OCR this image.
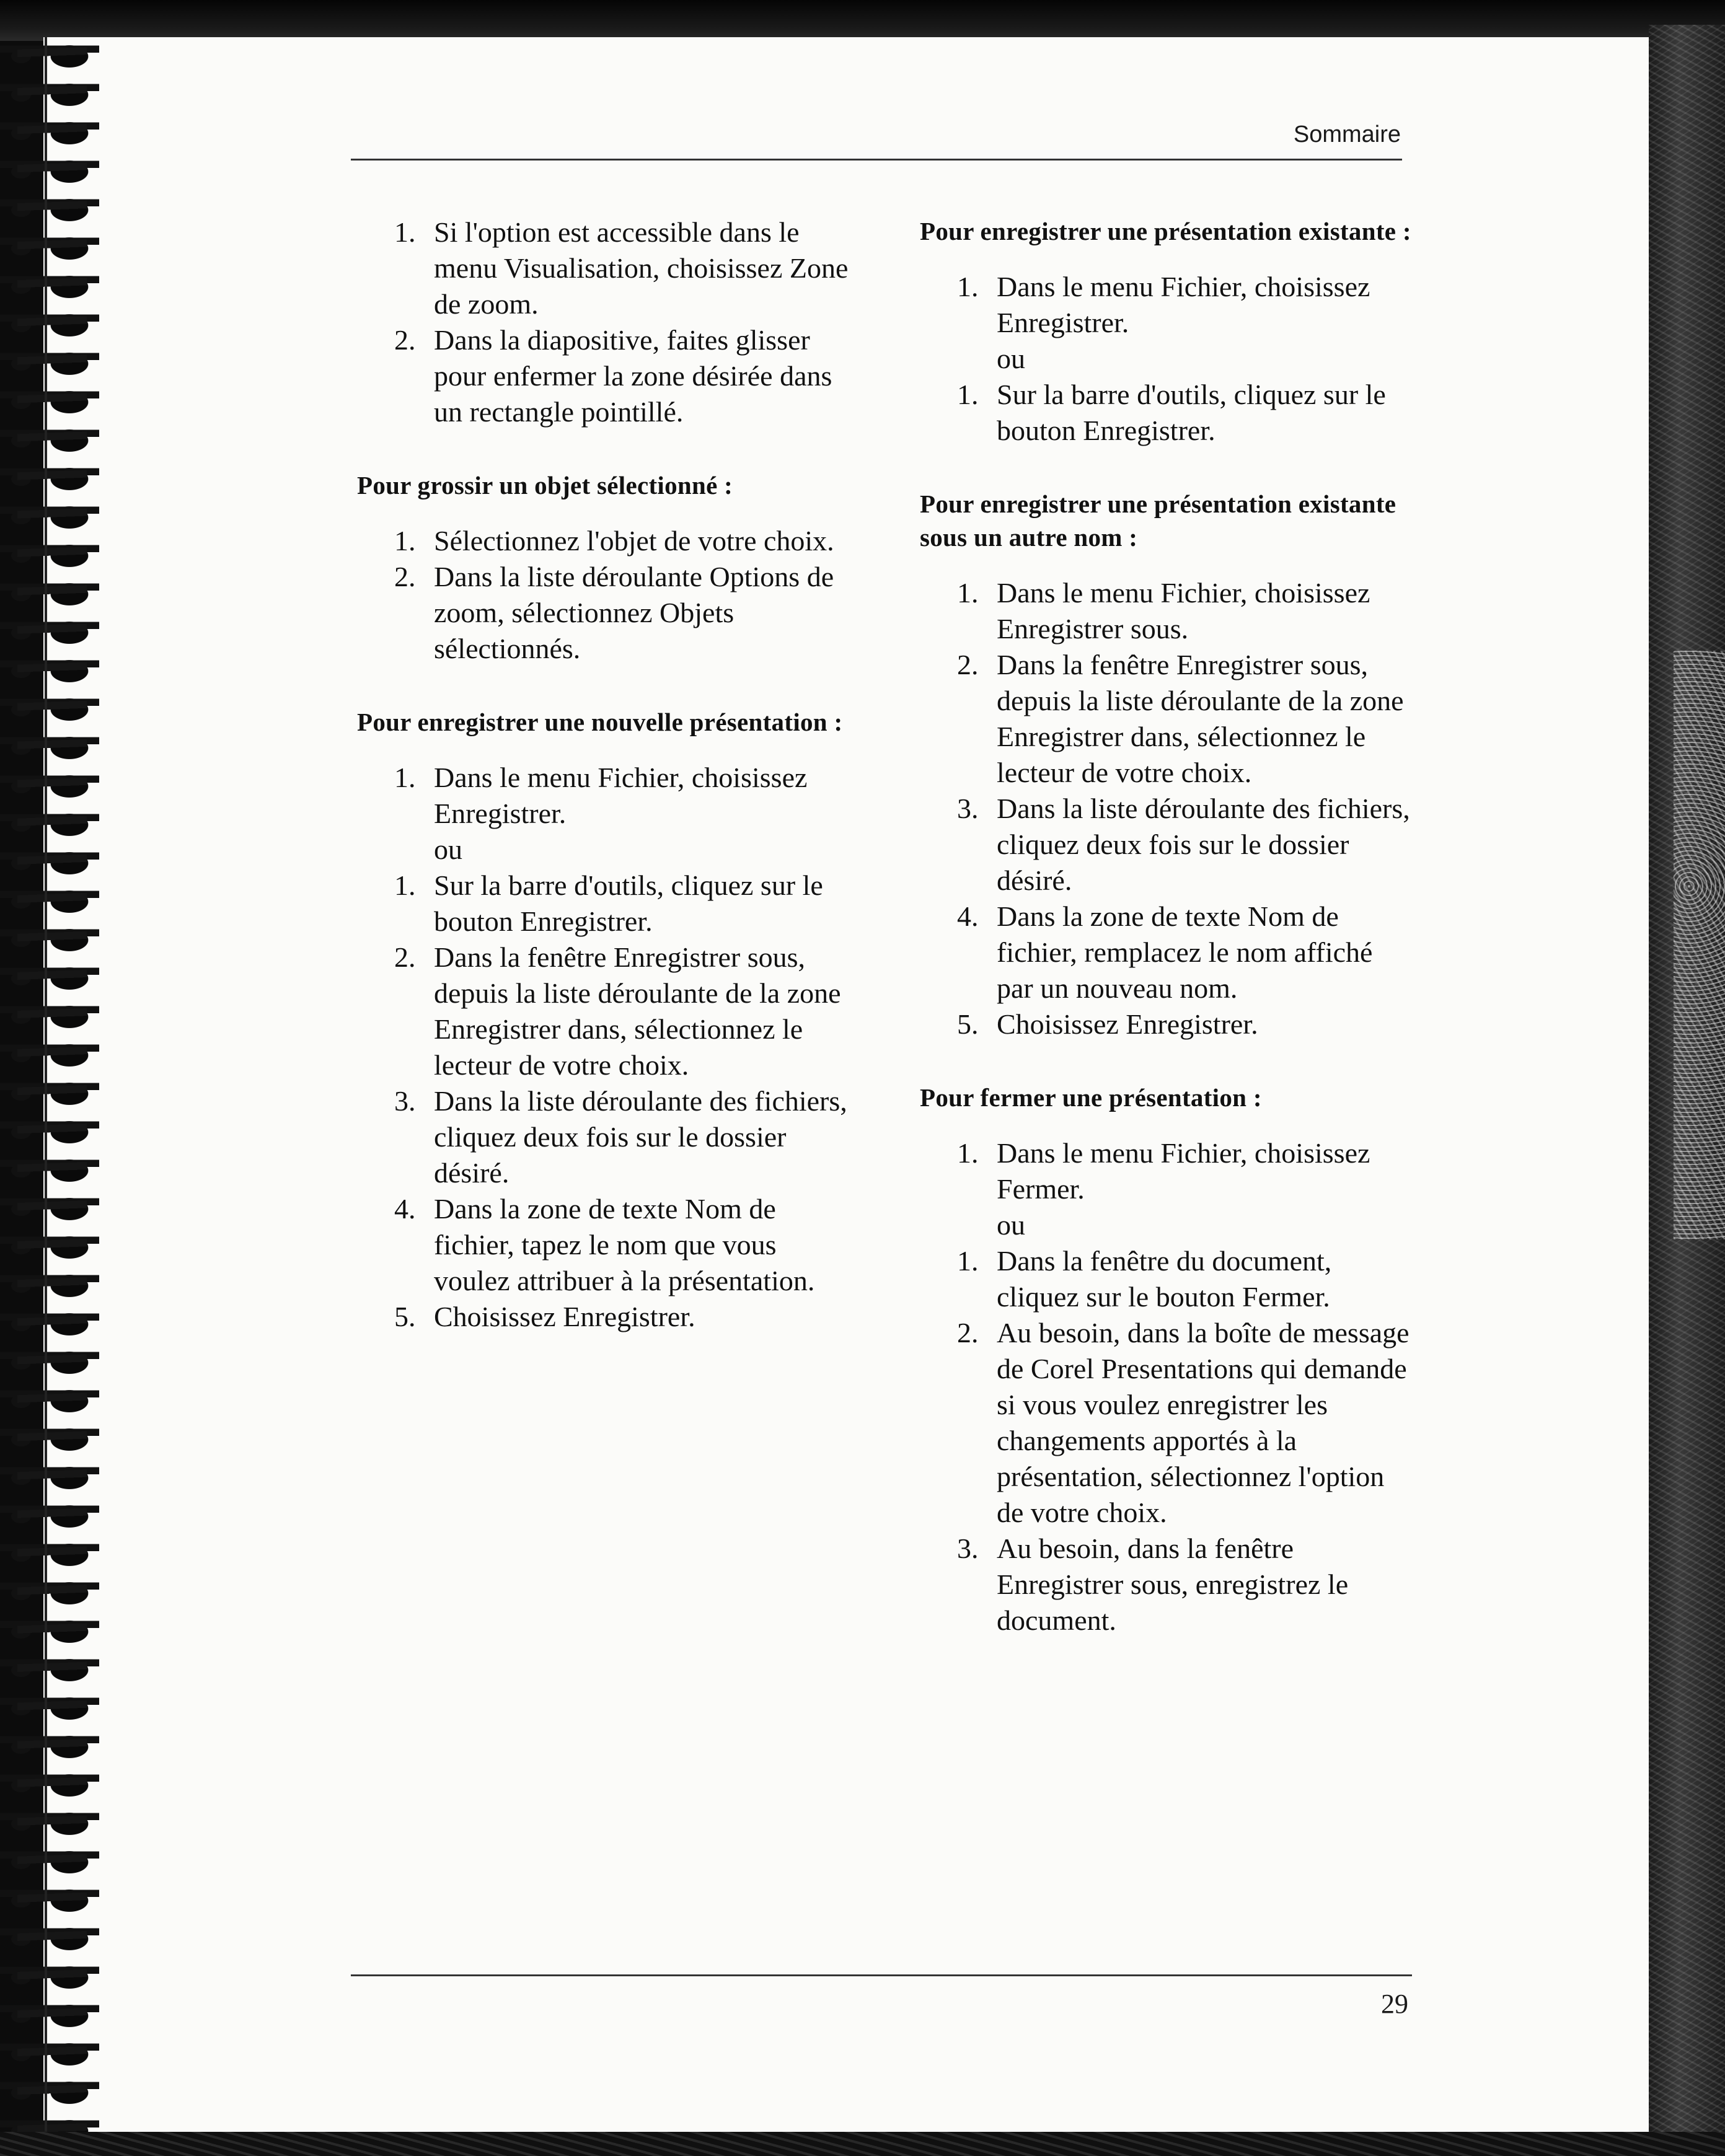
Sommaire
1. Si l'option est accessible dans le menu Visualisation, choisissez Zone de zoom.
2. Dans la diapositive, faites glisser pour enfermer la zone désirée dans un rectangle pointillé.
Pour grossir un objet sélectionné :
1. Sélectionnez l'objet de votre choix.
2. Dans la liste déroulante Options de zoom, sélectionnez Objets sélectionnés.
Pour enregistrer une nouvelle présentation :
1. Dans le menu Fichier, choisissez Enregistrer.
ou
1. Sur la barre d'outils, cliquez sur le bouton Enregistrer.
2. Dans la fenêtre Enregistrer sous, depuis la liste déroulante de la zone Enregistrer dans, sélectionnez le lecteur de votre choix.
3. Dans la liste déroulante des fichiers, cliquez deux fois sur le dossier désiré.
4. Dans la zone de texte Nom de fichier, tapez le nom que vous voulez attribuer à la présentation.
5. Choisissez Enregistrer.
Pour enregistrer une présentation existante :
1. Dans le menu Fichier, choisissez Enregistrer.
ou
1. Sur la barre d'outils, cliquez sur le bouton Enregistrer.
Pour enregistrer une présentation existante sous un autre nom :
1. Dans le menu Fichier, choisissez Enregistrer sous.
2. Dans la fenêtre Enregistrer sous, depuis la liste déroulante de la zone Enregistrer dans, sélectionnez le lecteur de votre choix.
3. Dans la liste déroulante des fichiers, cliquez deux fois sur le dossier désiré.
4. Dans la zone de texte Nom de fichier, remplacez le nom affiché par un nouveau nom.
5. Choisissez Enregistrer.
Pour fermer une présentation :
1. Dans le menu Fichier, choisissez Fermer.
ou
1. Dans la fenêtre du document, cliquez sur le bouton Fermer.
2. Au besoin, dans la boîte de message de Corel Presentations qui demande si vous voulez enregistrer les changements apportés à la présentation, sélectionnez l'option de votre choix.
3. Au besoin, dans la fenêtre Enregistrer sous, enregistrez le document.
29
